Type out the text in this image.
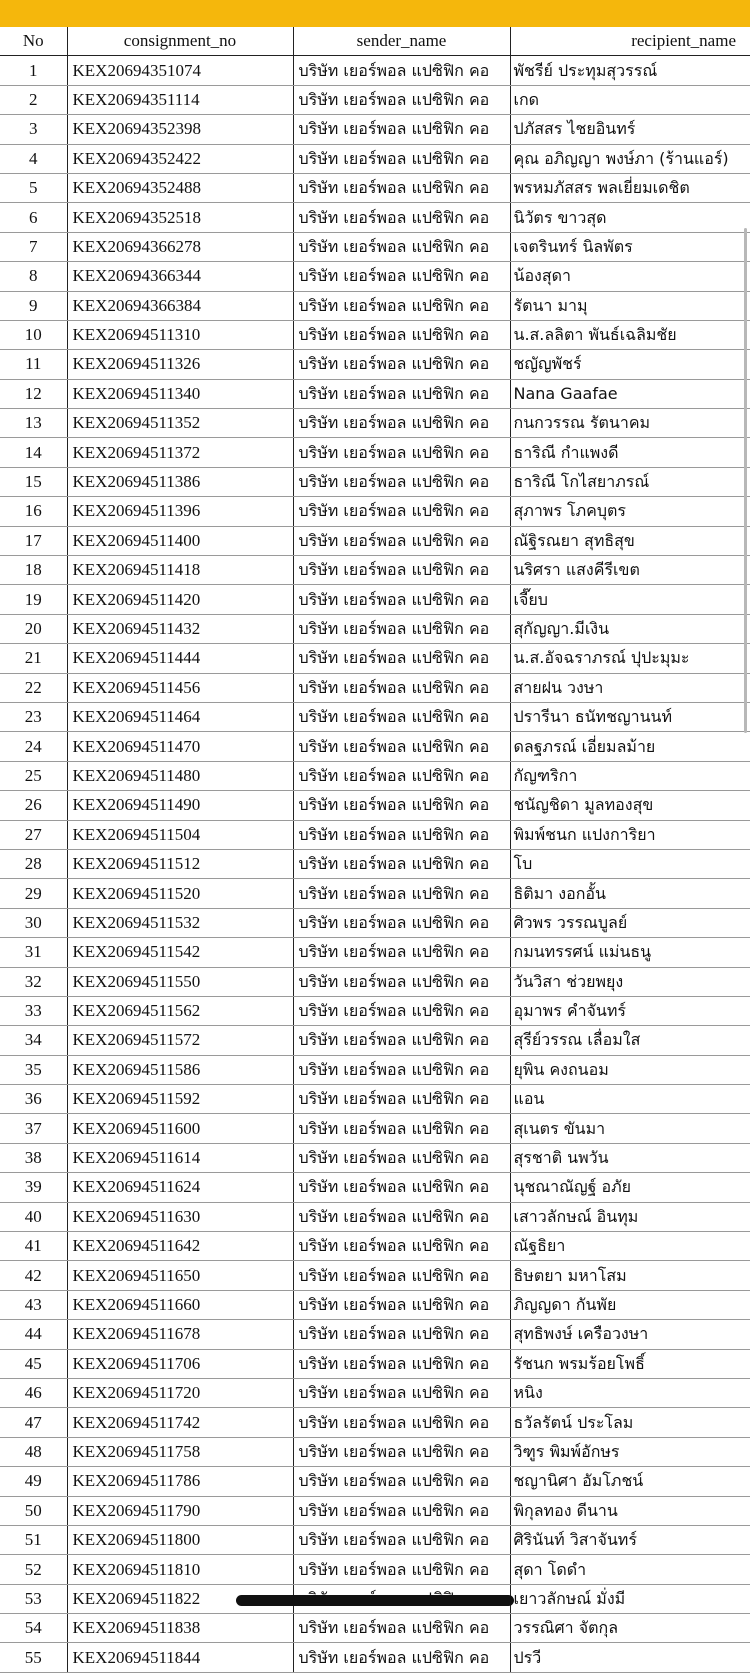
No	consignment_no	sender_name	recipient_name
1	KEX20694351074	บริษัท เยอร์พอล แปซิฟิก คอ	พัชรีย์ ประทุมสุวรรณ์
2	KEX20694351114	บริษัท เยอร์พอล แปซิฟิก คอ	เกด
3	KEX20694352398	บริษัท เยอร์พอล แปซิฟิก คอ	ปภัสสร ไชยอินทร์
4	KEX20694352422	บริษัท เยอร์พอล แปซิฟิก คอ	คุณ อภิญญา พงษ์ภา (ร้านแอร์)
5	KEX20694352488	บริษัท เยอร์พอล แปซิฟิก คอ	พรหมภัสสร พลเยี่ยมเดชิต
6	KEX20694352518	บริษัท เยอร์พอล แปซิฟิก คอ	นิวัตร ขาวสุด
7	KEX20694366278	บริษัท เยอร์พอล แปซิฟิก คอ	เจตรินทร์ นิลพัตร
8	KEX20694366344	บริษัท เยอร์พอล แปซิฟิก คอ	น้องสุดา
9	KEX20694366384	บริษัท เยอร์พอล แปซิฟิก คอ	รัตนา มามุ
10	KEX20694511310	บริษัท เยอร์พอล แปซิฟิก คอ	น.ส.ลลิตา พันธ์เฉลิมชัย
11	KEX20694511326	บริษัท เยอร์พอล แปซิฟิก คอ	ชญัญพัชร์
12	KEX20694511340	บริษัท เยอร์พอล แปซิฟิก คอ	Nana Gaafae
13	KEX20694511352	บริษัท เยอร์พอล แปซิฟิก คอ	กนกวรรณ รัตนาคม
14	KEX20694511372	บริษัท เยอร์พอล แปซิฟิก คอ	ธาริณี กำแพงดี
15	KEX20694511386	บริษัท เยอร์พอล แปซิฟิก คอ	ธาริณี โกไสยาภรณ์
16	KEX20694511396	บริษัท เยอร์พอล แปซิฟิก คอ	สุภาพร โภคบุตร
17	KEX20694511400	บริษัท เยอร์พอล แปซิฟิก คอ	ณัฐิรณยา สุทธิสุข
18	KEX20694511418	บริษัท เยอร์พอล แปซิฟิก คอ	นริศรา แสงคีรีเขต
19	KEX20694511420	บริษัท เยอร์พอล แปซิฟิก คอ	เจี๊ยบ
20	KEX20694511432	บริษัท เยอร์พอล แปซิฟิก คอ	สุกัญญา.มีเงิน
21	KEX20694511444	บริษัท เยอร์พอล แปซิฟิก คอ	น.ส.อัจฉราภรณ์ ปุปะมุมะ
22	KEX20694511456	บริษัท เยอร์พอล แปซิฟิก คอ	สายฝน วงษา
23	KEX20694511464	บริษัท เยอร์พอล แปซิฟิก คอ	ปรารีนา ธนัทชญานนท์
24	KEX20694511470	บริษัท เยอร์พอล แปซิฟิก คอ	ดลฐภรณ์ เอี่ยมลม้าย
25	KEX20694511480	บริษัท เยอร์พอล แปซิฟิก คอ	กัญฑริกา
26	KEX20694511490	บริษัท เยอร์พอล แปซิฟิก คอ	ชนัญชิดา มูลทองสุข
27	KEX20694511504	บริษัท เยอร์พอล แปซิฟิก คอ	พิมพ์ชนก แปงการิยา
28	KEX20694511512	บริษัท เยอร์พอล แปซิฟิก คอ	โบ
29	KEX20694511520	บริษัท เยอร์พอล แปซิฟิก คอ	ธิติมา งอกอั้น
30	KEX20694511532	บริษัท เยอร์พอล แปซิฟิก คอ	ศิวพร วรรณบูลย์
31	KEX20694511542	บริษัท เยอร์พอล แปซิฟิก คอ	กมนทรรศน์ แม่นธนู
32	KEX20694511550	บริษัท เยอร์พอล แปซิฟิก คอ	วันวิสา ช่วยพยุง
33	KEX20694511562	บริษัท เยอร์พอล แปซิฟิก คอ	อุมาพร คำจันทร์
34	KEX20694511572	บริษัท เยอร์พอล แปซิฟิก คอ	สุรีย์วรรณ เลื่อมใส
35	KEX20694511586	บริษัท เยอร์พอล แปซิฟิก คอ	ยุพิน คงถนอม
36	KEX20694511592	บริษัท เยอร์พอล แปซิฟิก คอ	แอน
37	KEX20694511600	บริษัท เยอร์พอล แปซิฟิก คอ	สุเนตร ขันมา
38	KEX20694511614	บริษัท เยอร์พอล แปซิฟิก คอ	สุรชาติ นพวัน
39	KEX20694511624	บริษัท เยอร์พอล แปซิฟิก คอ	นุชณาณัญฐ์ อภัย
40	KEX20694511630	บริษัท เยอร์พอล แปซิฟิก คอ	เสาวลักษณ์ อินทุม
41	KEX20694511642	บริษัท เยอร์พอล แปซิฟิก คอ	ณัฐธิยา
42	KEX20694511650	บริษัท เยอร์พอล แปซิฟิก คอ	ธิษตยา มหาโสม
43	KEX20694511660	บริษัท เยอร์พอล แปซิฟิก คอ	ภิญญดา กันพัย
44	KEX20694511678	บริษัท เยอร์พอล แปซิฟิก คอ	สุทธิพงษ์ เครือวงษา
45	KEX20694511706	บริษัท เยอร์พอล แปซิฟิก คอ	รัชนก พรมร้อยโพธิ์
46	KEX20694511720	บริษัท เยอร์พอล แปซิฟิก คอ	หนิง
47	KEX20694511742	บริษัท เยอร์พอล แปซิฟิก คอ	ธวัลรัตน์ ประโลม
48	KEX20694511758	บริษัท เยอร์พอล แปซิฟิก คอ	วิฑูร พิมพ์อักษร
49	KEX20694511786	บริษัท เยอร์พอล แปซิฟิก คอ	ชญานิศา อัมโภชน์
50	KEX20694511790	บริษัท เยอร์พอล แปซิฟิก คอ	พิกุลทอง ดีนาน
51	KEX20694511800	บริษัท เยอร์พอล แปซิฟิก คอ	ศิรินันท์ วิสาจันทร์
52	KEX20694511810	บริษัท เยอร์พอล แปซิฟิก คอ	สุดา โดดำ
53	KEX20694511822		เยาวลักษณ์ มั่งมี
54	KEX20694511838	บริษัท เยอร์พอล แปซิฟิก คอ	วรรณิศา จัตกุล
55	KEX20694511844	บริษัท เยอร์พอล แปซิฟิก คอ	ปรวี
